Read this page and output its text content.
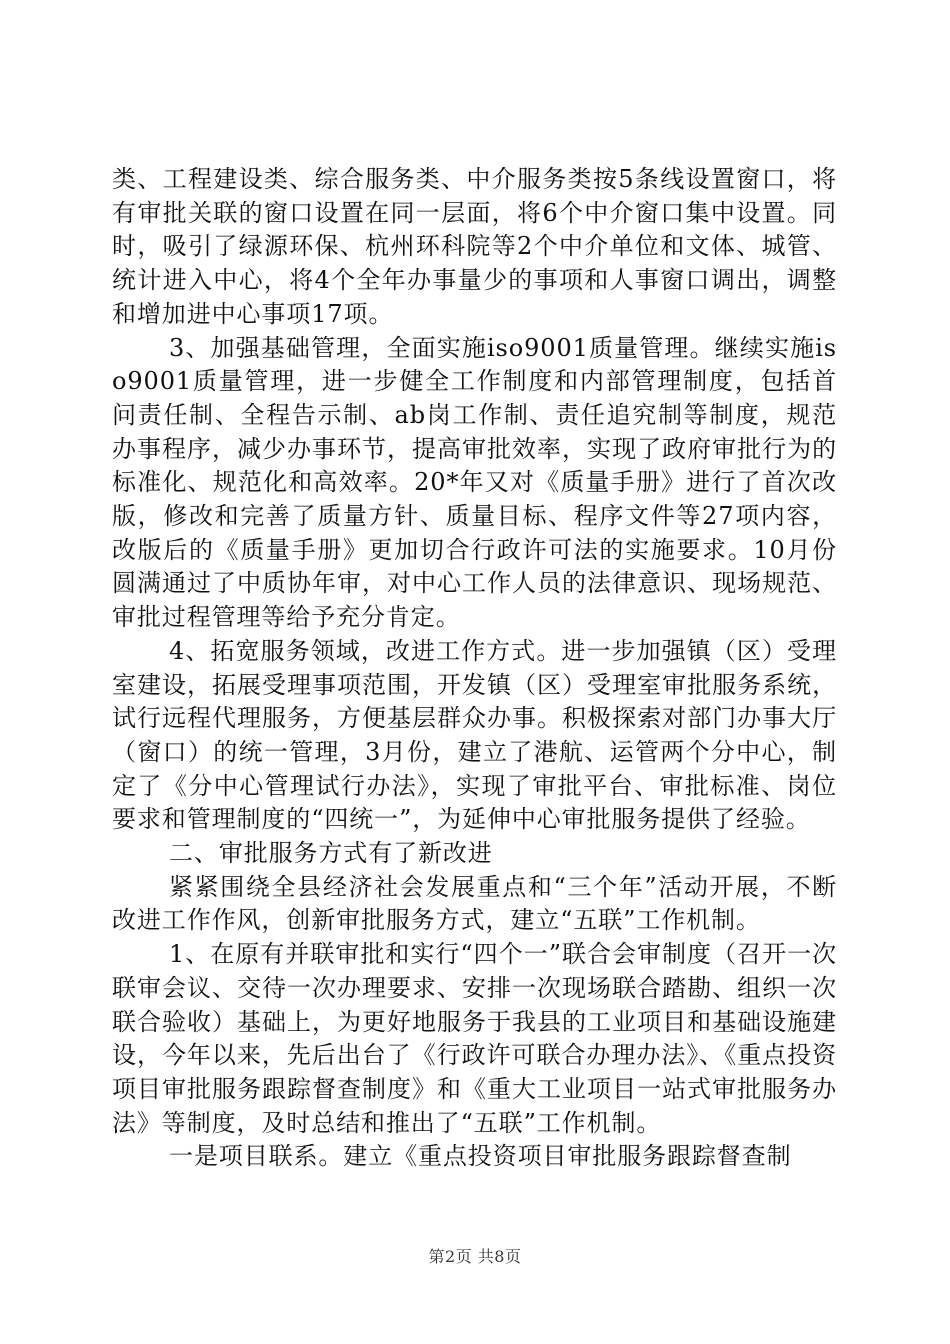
类、工程建设类、综合服务类、中介服务类按5条线设置窗口，将有审批关联的窗口设置在同一层面，将6个中介窗口集中设置。同时，吸引了绿源环保、杭州环科院等2个中介单位和文体、城管、统计进入中心，将4个全年办事量少的事项和人事窗口调出，调整和增加进中心事项17项。

3、加强基础管理，全面实施iso9001质量管理。继续实施iso9001质量管理，进一步健全工作制度和内部管理制度，包括首问责任制、全程告示制、ab岗工作制、责任追究制等制度，规范办事程序，减少办事环节，提高审批效率，实现了政府审批行为的标准化、规范化和高效率。20*年又对《质量手册》进行了首次改版，修改和完善了质量方针、质量目标、程序文件等27项内容，改版后的《质量手册》更加切合行政许可法的实施要求。10月份圆满通过了中质协年审，对中心工作人员的法律意识、现场规范、审批过程管理等给予充分肯定。

4、拓宽服务领域，改进工作方式。进一步加强镇（区）受理室建设，拓展受理事项范围，开发镇（区）受理室审批服务系统，试行远程代理服务，方便基层群众办事。积极探索对部门办事大厅（窗口）的统一管理，3月份，建立了港航、运管两个分中心，制定了《分中心管理试行办法》，实现了审批平台、审批标准、岗位要求和管理制度的“四统一”，为延伸中心审批服务提供了经验。

二、审批服务方式有了新改进

紧紧围绕全县经济社会发展重点和“三个年”活动开展，不断改进工作作风，创新审批服务方式，建立“五联”工作机制。

1、在原有并联审批和实行“四个一”联合会审制度（召开一次联审会议、交待一次办理要求、安排一次现场联合踏勘、组织一次联合验收）基础上，为更好地服务于我县的工业项目和基础设施建设，今年以来，先后出台了《行政许可联合办理办法》、《重点投资项目审批服务跟踪督查制度》和《重大工业项目一站式审批服务办法》等制度，及时总结和推出了“五联”工作机制。

一是项目联系。建立《重点投资项目审批服务跟踪督查制

第2页 共8页
